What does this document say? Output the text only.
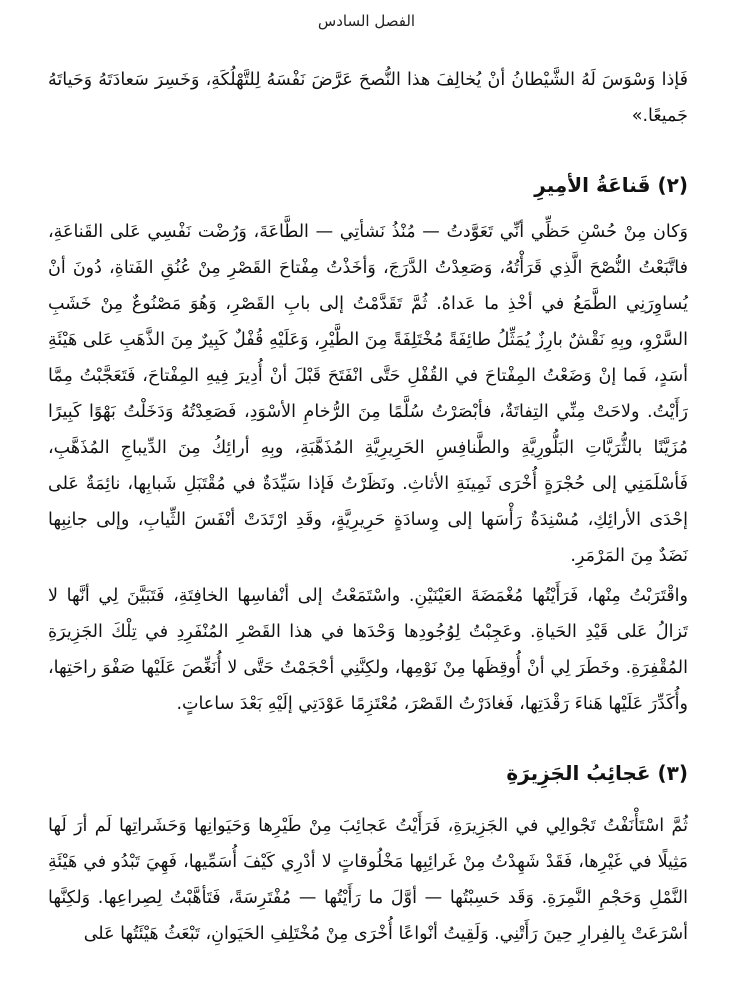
الفصل السادس
فَإذا وَسْوَسَ لَهُ الشَّيْطانُ أنْ يُخالِفَ هذا النُّصحَ عَرَّضَ نَفْسَهُ لِلتَّهْلُكَةِ، وَخَسِرَ سَعادَتَهُ وَحَياتَهُ جَميعًا.»
(٢) قَناعَةُ الأمِيرِ
وَكان مِنْ حُسْنِ حَظِّي أنِّي تَعَوَّدتُ — مُنْذُ نَشأتِي — الطَّاعَةَ، وَرُضْت نَفْسِي عَلى القَناعَةِ، فاتَّبَعْتُ النُّصْحَ الَّذِي قَرَأْتُهُ، وَصَعِدْتُ الدَّرَجَ، وَأخَذْتُ مِفْتاحَ القَصْرِ مِنْ عُنُقِ الفَتاةِ، دُونَ أنْ يُساوِرَنِي الطَّمَعُ في أخْذِ ما عَداهُ. ثُمَّ تَقَدَّمْتُ إلى بابِ القَصْرِ، وَهُوَ مَصْنُوعٌ مِنْ خَشَبِ السَّرْوِ، وبِهِ نَقْشٌ بارِزٌ يُمَثِّلُ طائِفَةً مُخْتَلِفَةً مِنَ الطَّيْرِ، وَعَلَيْهِ قُفْلٌ كَبِيرٌ مِنَ الذَّهَبِ عَلى هَيْئَةِ أسَدٍ، فَما إنْ وَضَعْتُ المِفْتاحَ في القُفْلِ حَتَّى انْفَتَحَ قَبْلَ أنْ أُدِيرَ فِيهِ المِفْتاحَ، فَتَعَجَّبْتُ مِمَّا رَأَيْتُ. ولاحَتْ مِنِّي التِفاتَةٌ، فأبْصَرْتُ سُلَّمًا مِنَ الرُّخامِ الأسْوَدِ، فَصَعِدْتُهُ وَدَخَلْتُ بَهْوًا كَبِيرًا مُزَيَّنًا بالثُّرَيَّاتِ البَلُّورِيَّةِ والطَّنافِسِ الحَرِيرِيَّةِ المُذَهَّبَةِ، وبِهِ أرائِكُ مِنَ الدِّيباجِ المُذَهَّبِ، فَأسْلَمَنِي إلى حُجْرَةٍ أُخْرَى ثَمِينَةِ الأثاثِ. ونَظَرْتُ فَإذا سَيِّدَةٌ في مُقْتَبَلِ شَبابِها، نائِمَةٌ عَلى إحْدَى الأرائِكِ، مُسْنِدَةٌ رَأْسَها إلى وِسادَةٍ حَرِيرِيَّةٍ، وقَدِ ارْتَدَتْ أنْفَسَ الثِّيابِ، وإلى جانِبِها نَضَدٌ مِنَ المَرْمَرِ.
واقْتَرَبْتُ مِنْها، فَرَأَيْتُها مُغْمَضَةَ العَيْنَيْنِ. واسْتَمَعْتُ إلى أنْفاسِها الخافِتَةِ، فَتَبَيَّنَ لِي أنَّها لا تَزالُ عَلى قَيْدِ الحَياةِ. وعَجِبْتُ لِوُجُودِها وَحْدَها في هذا القَصْرِ المُنْفَرِدِ في تِلْكَ الجَزِيرَةِ المُقْفِرَةِ. وخَطَرَ لِي أنْ أُوقِظَها مِنْ نَوْمِها، ولكِنَّنِي أحْجَمْتُ حَتَّى لا أُنَغِّصَ عَلَيْها صَفْوَ راحَتِها، وأُكَدِّرَ عَلَيْها هَناءَ رَقْدَتِها، فَغادَرْتُ القَصْرَ، مُعْتَزِمًا عَوْدَتِي إلَيْهِ بَعْدَ ساعاتٍ.
(٣) عَجائِبُ الجَزِيرَةِ
ثُمَّ اسْتَأْنَفْتُ تَجْوالِي في الجَزِيرَةِ، فَرَأَيْتُ عَجائِبَ مِنْ طَيْرِها وَحَيَوانِها وَحَشَراتِها لَم أرَ لَها مَثِيلًا في غَيْرِها، فَقَدْ شَهِدْتُ مِنْ غَرائِبِها مَخْلُوقاتٍ لا أدْرِي كَيْفَ أُسَمِّيها، فَهِيَ تَبْدُو في هَيْئَةِ النَّمْلِ وَحَجْمِ النَّمِرَةِ. وَقَد حَسِبْتُها — أوَّلَ ما رَأَيْتُها — مُفْتَرِسَةً، فَتَأهَّبْتُ لِصِراعِها. وَلكِنَّها أسْرَعَتْ بِالفِرارِ حِينَ رَأَتْنِي. وَلَقِيتُ أنْواعًا أُخْرَى مِنْ مُخْتَلِفِ الحَيَوانِ، تَبْعَثُ هَيْئَتُها عَلى
